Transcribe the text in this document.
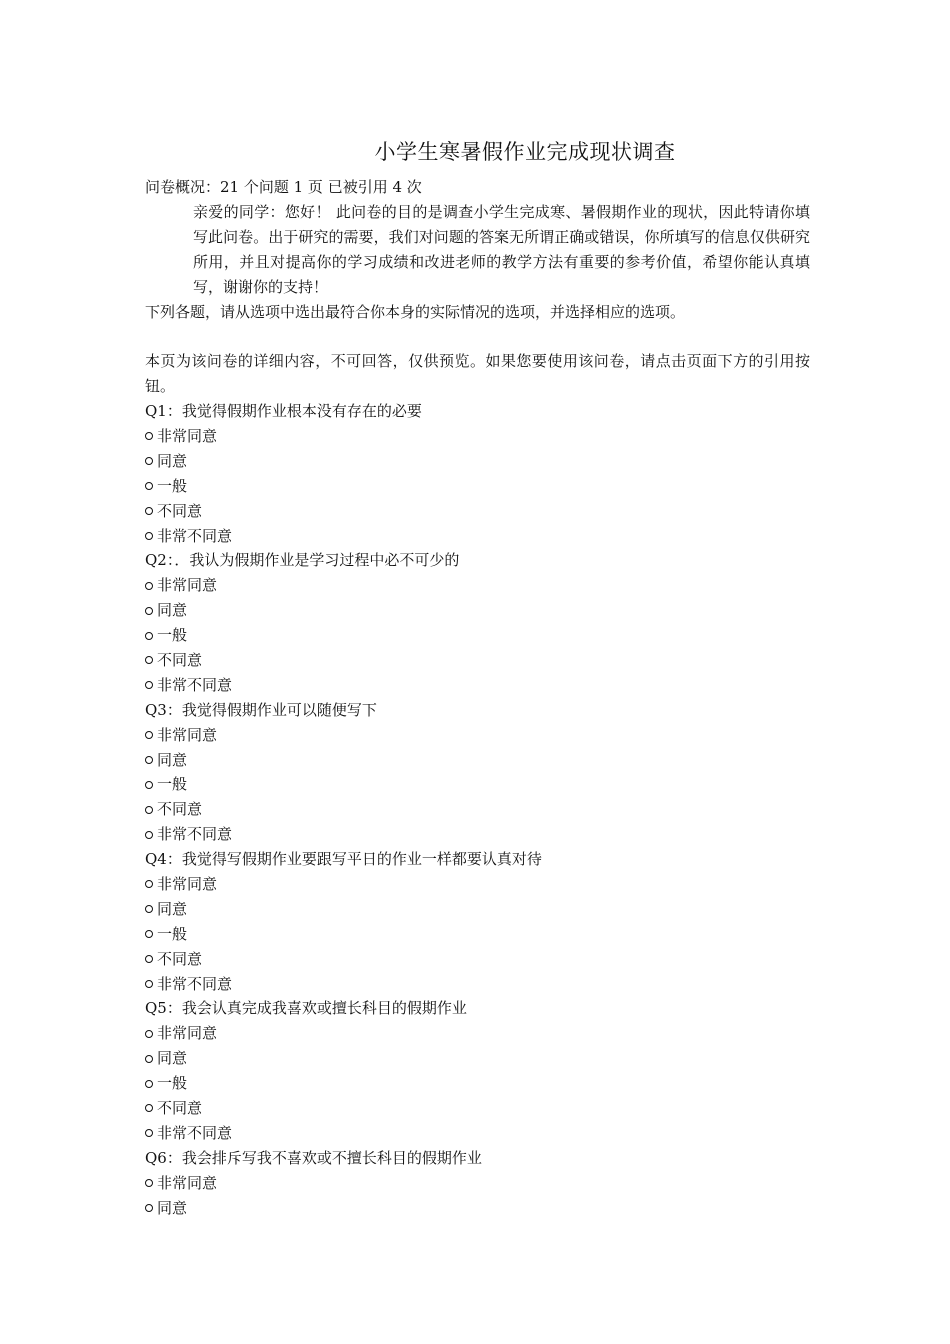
小学生寒暑假作业完成现状调查
问卷概况：21 个问题 1 页 已被引用 4 次
亲爱的同学：您好！ 此问卷的目的是调查小学生完成寒、暑假期作业的现状，因此特请你填写此问卷。出于研究的需要，我们对问题的答案无所谓正确或错误，你所填写的信息仅供研究所用，并且对提高你的学习成绩和改进老师的教学方法有重要的参考价值，希望你能认真填写，谢谢你的支持！
下列各题，请从选项中选出最符合你本身的实际情况的选项，并选择相应的选项。
本页为该问卷的详细内容，不可回答，仅供预览。如果您要使用该问卷，请点击页面下方的引用按钮。
Q1：我觉得假期作业根本没有存在的必要
非常同意
同意
一般
不同意
非常不同意
Q2：．我认为假期作业是学习过程中必不可少的
非常同意
同意
一般
不同意
非常不同意
Q3：我觉得假期作业可以随便写下
非常同意
同意
一般
不同意
非常不同意
Q4：我觉得写假期作业要跟写平日的作业一样都要认真对待
非常同意
同意
一般
不同意
非常不同意
Q5：我会认真完成我喜欢或擅长科目的假期作业
非常同意
同意
一般
不同意
非常不同意
Q6：我会排斥写我不喜欢或不擅长科目的假期作业
非常同意
同意
